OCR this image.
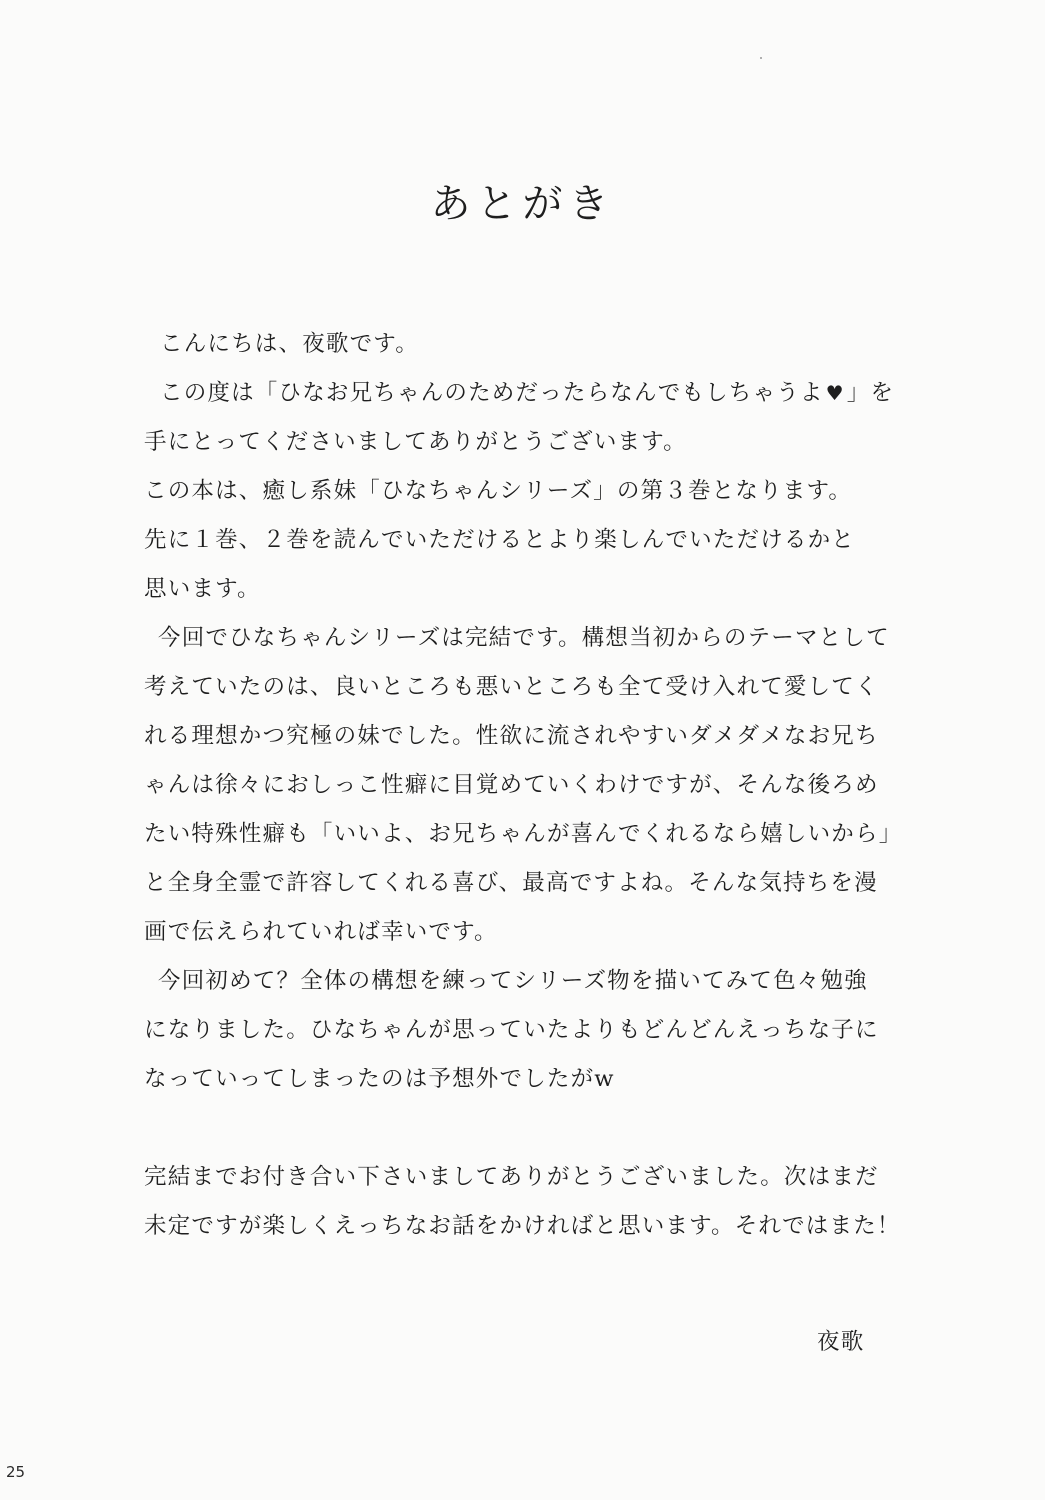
あとがき
こんにちは、夜歌です。
この度は「ひなお兄ちゃんのためだったらなんでもしちゃうよ ♥」を
手にとってくださいましてありがとうございます。
この本は、癒し系妹「ひなちゃんシリーズ」の第３巻となります。
先に１巻、２巻を読んでいただけるとより楽しんでいただけるかと
思います。
今回でひなちゃんシリーズは完結です。構想当初からのテーマとして
考えていたのは、良いところも悪いところも全て受け入れて愛してく
れる理想かつ究極の妹でした。性欲に流されやすいダメダメなお兄ち
ゃんは徐々におしっこ性癖に目覚めていくわけですが、そんな後ろめ
たい特殊性癖も「いいよ、お兄ちゃんが喜んでくれるなら嬉しいから」
と全身全霊で許容してくれる喜び、最高ですよね。そんな気持ちを漫
画で伝えられていれば幸いです。
今回初めて？全体の構想を練ってシリーズ物を描いてみて色々勉強
になりました。ひなちゃんが思っていたよりもどんどんえっちな子に
なっていってしまったのは予想外でしたがw
完結までお付き合い下さいましてありがとうございました。次はまだ
未定ですが楽しくえっちなお話をかければと思います。それではまた！
夜歌
25
